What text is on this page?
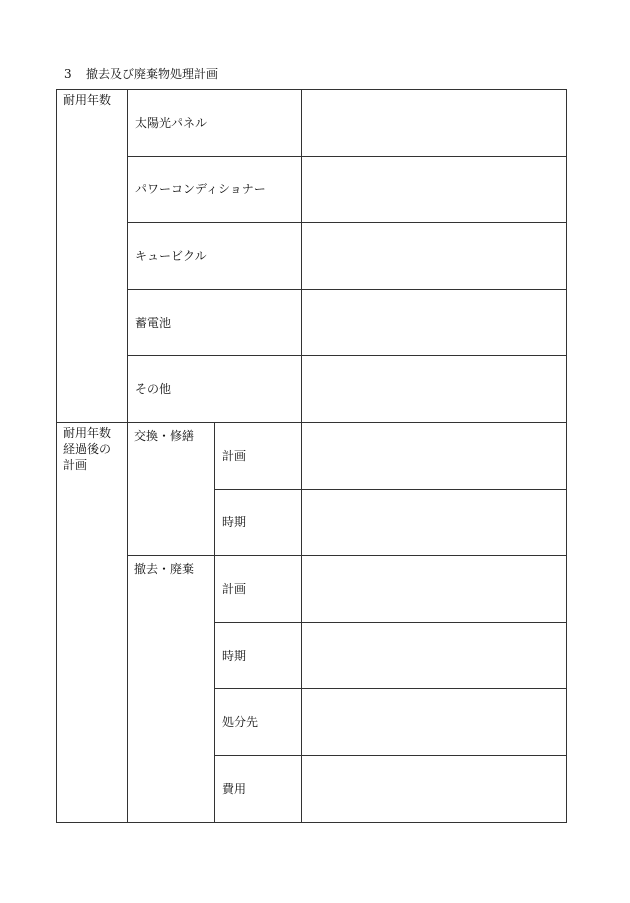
3 撤去及び廃棄物処理計画
耐用年数	太陽光パネル		
	パワーコンディショナー		
	キュービクル		
	蓄電池		
	その他		

耐用年数
経過後の
計画	交換・修繕	計画	
		時期	
	撤去・廃棄	計画	
		時期	
		処分先	
		費用	
